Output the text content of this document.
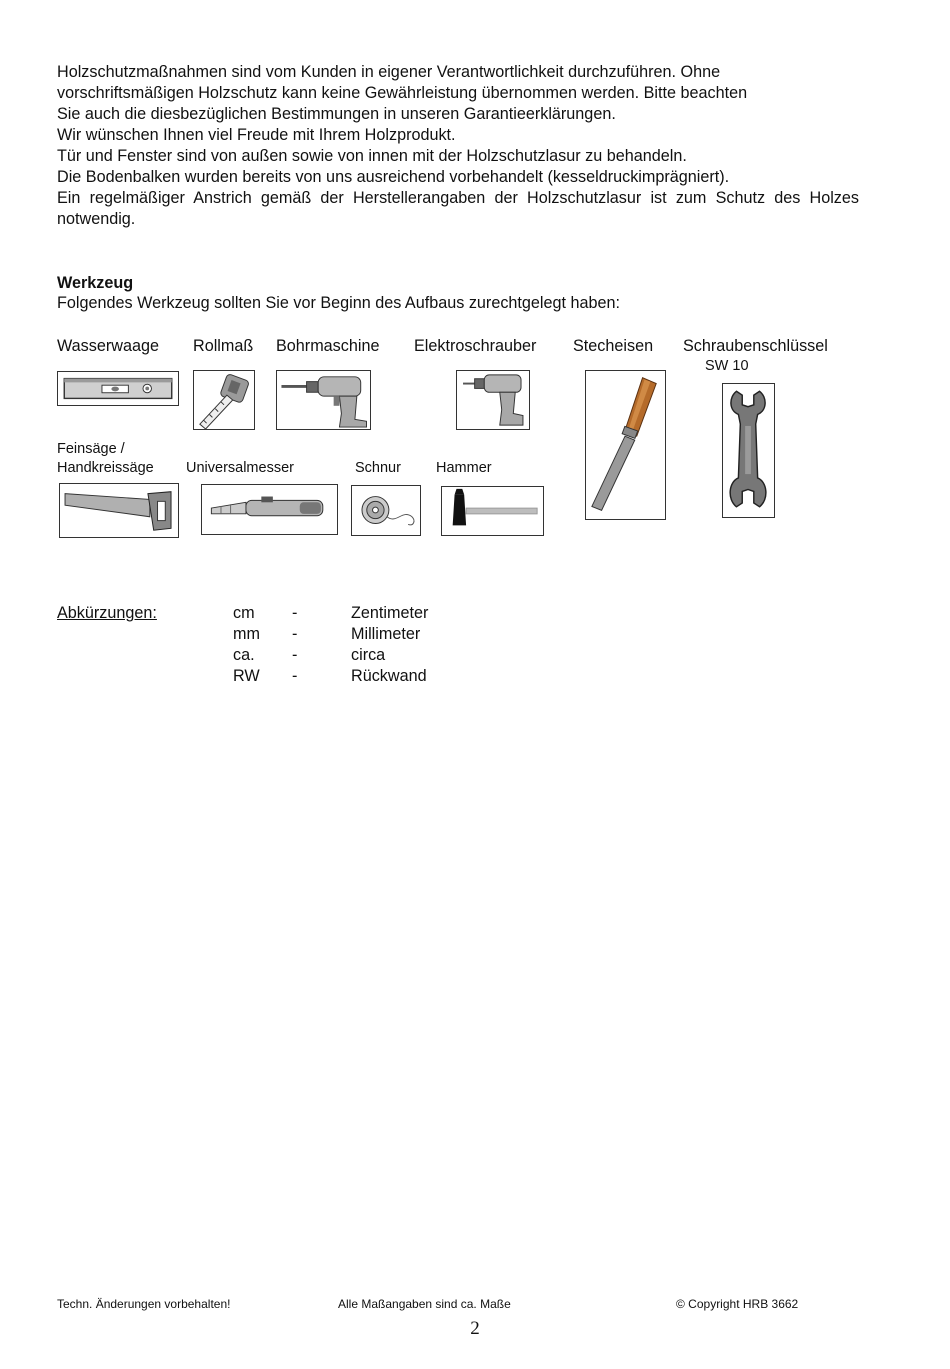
Holzschutzmaßnahmen sind vom Kunden in eigener Verantwortlichkeit durchzuführen. Ohne

vorschriftsmäßigen Holzschutz kann keine Gewährleistung übernommen werden. Bitte beachten

Sie auch die diesbezüglichen Bestimmungen in unseren Garantieerklärungen.

Wir wünschen Ihnen viel Freude mit Ihrem Holzprodukt.

Tür und Fenster sind von außen sowie von innen mit der Holzschutzlasur zu behandeln.

Die Bodenbalken wurden bereits von uns ausreichend vorbehandelt (kesseldruckimprägniert).

Ein regelmäßiger Anstrich gemäß der Herstellerangaben der Holzschutzlasur ist zum Schutz des Holzes notwendig.

Werkzeug
Folgendes Werkzeug sollten Sie vor Beginn des Aufbaus zurechtgelegt haben:
Wasserwaage Rollmaß Bohrmaschine Elektroschrauber Stecheisen Schraubenschlüssel
SW 10
Feinsäge /
Handkreissäge Universalmesser	Schnur Hammer
Abkürzungen:	cm -	Zentimeter
mm -	Millimeter
ca. -	circa
RW -	Rückwand
Techn. Änderungen vorbehalten!	Alle Maßangaben sind ca. Maße	© Copyright HRB 3662
2
